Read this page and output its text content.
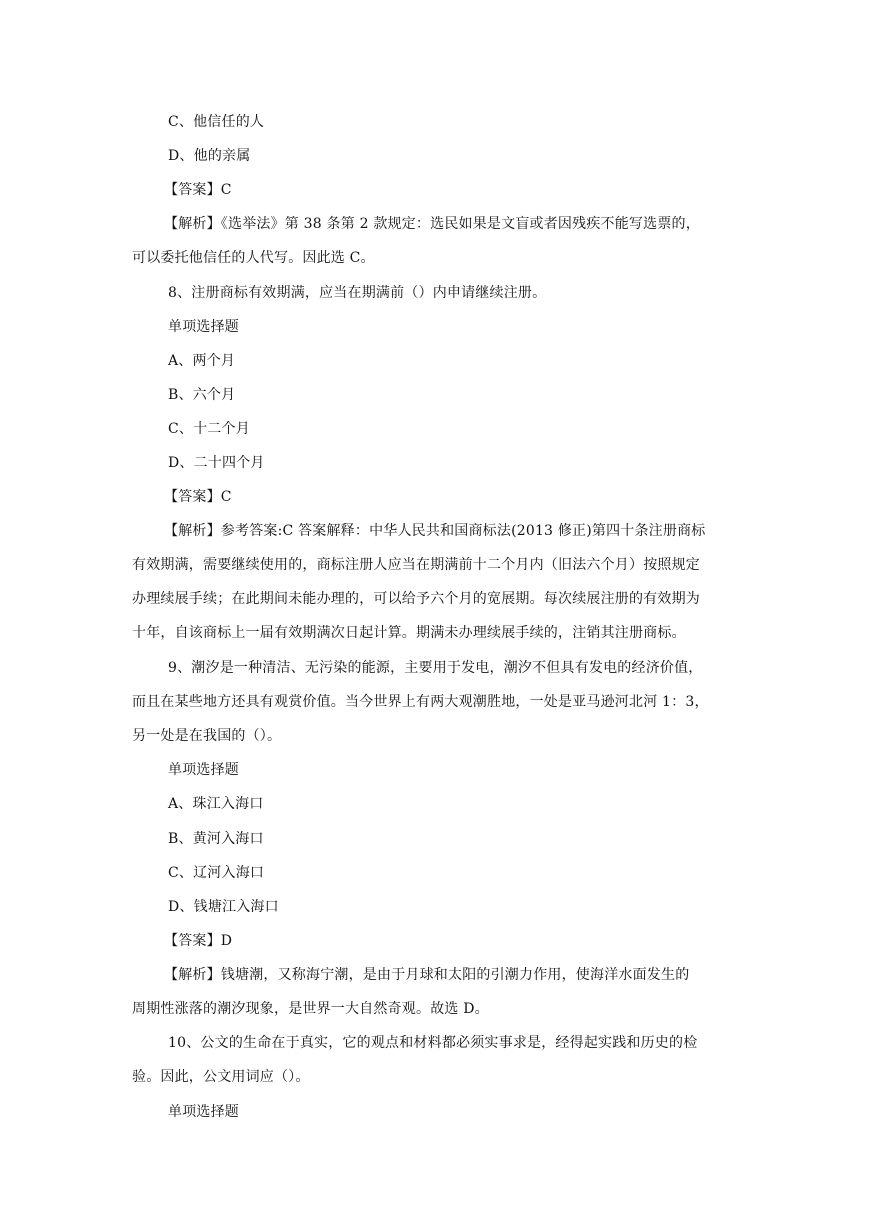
C、他信任的人
D、他的亲属
【答案】C
【解析】《选举法》第 38 条第 2 款规定：选民如果是文盲或者因残疾不能写选票的，
可以委托他信任的人代写。因此选 C。
8、注册商标有效期满，应当在期满前（）内申请继续注册。
单项选择题
A、两个月
B、六个月
C、十二个月
D、二十四个月
【答案】C
【解析】参考答案:C 答案解释：中华人民共和国商标法(2013 修正)第四十条注册商标
有效期满，需要继续使用的，商标注册人应当在期满前十二个月内（旧法六个月）按照规定
办理续展手续；在此期间未能办理的，可以给予六个月的宽展期。每次续展注册的有效期为
十年，自该商标上一届有效期满次日起计算。期满未办理续展手续的，注销其注册商标。
9、潮汐是一种清洁、无污染的能源，主要用于发电，潮汐不但具有发电的经济价值，
而且在某些地方还具有观赏价值。当今世界上有两大观潮胜地，一处是亚马逊河北河 1：3，
另一处是在我国的（）。
单项选择题
A、珠江入海口
B、黄河入海口
C、辽河入海口
D、钱塘江入海口
【答案】D
【解析】钱塘潮，又称海宁潮，是由于月球和太阳的引潮力作用，使海洋水面发生的
周期性涨落的潮汐现象，是世界一大自然奇观。故选 D。
10、公文的生命在于真实，它的观点和材料都必须实事求是，经得起实践和历史的检
验。因此，公文用词应（）。
单项选择题
